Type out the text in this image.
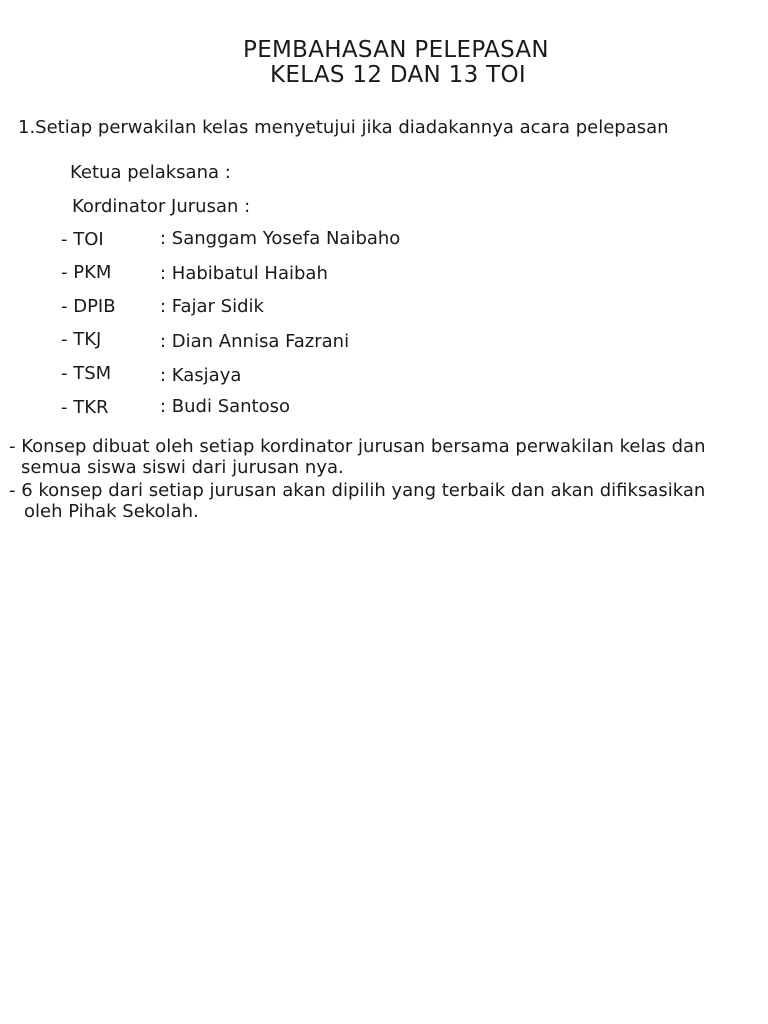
PEMBAHASAN PELEPASAN
KELAS 12 DAN 13 TOI
1.Setiap perwakilan kelas menyetujui jika diadakannya acara pelepasan
Ketua pelaksana :
Kordinator Jurusan :
- TOI	: Sanggam Yosefa Naibaho
- PKM	: Habibatul Haibah
- DPIB : Fajar Sidik
- TKJ	: Dian Annisa Fazrani
- TSM	: Kasjaya
- TKR	: Budi Santoso
- Konsep dibuat oleh setiap kordinator jurusan bersama perwakilan kelas dan
semua siswa siswi dari jurusan nya.
- 6 konsep dari setiap jurusan akan dipilih yang terbaik dan akan difiksasikan
oleh Pihak Sekolah.
